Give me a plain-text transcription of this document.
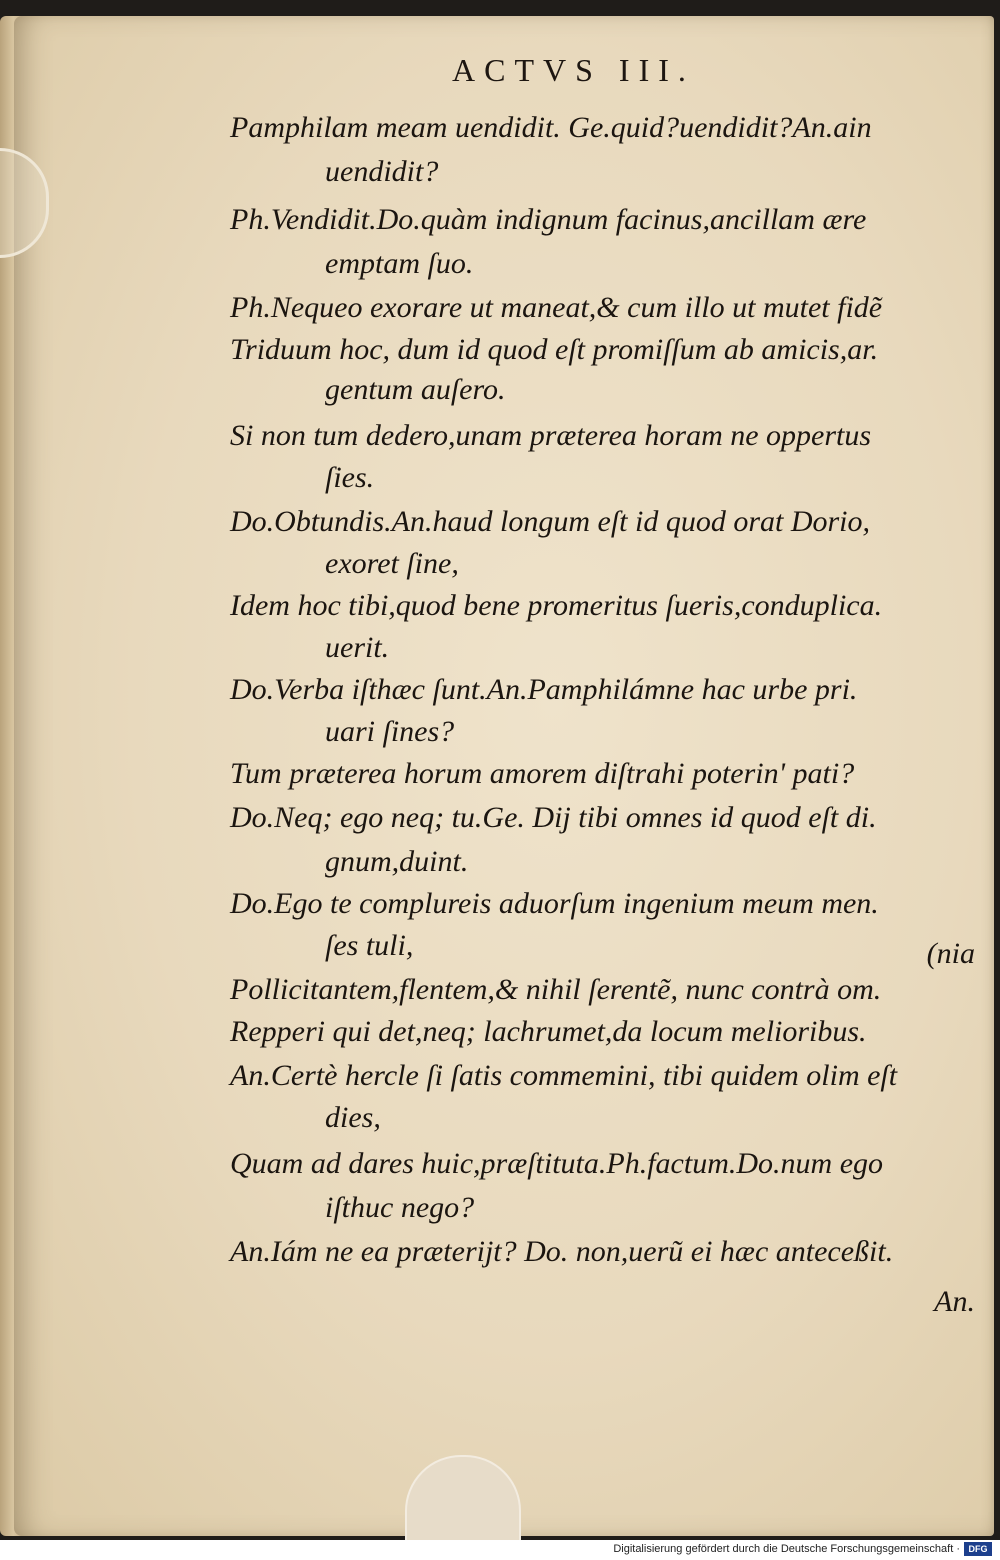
ACTVS III.
Pamphilam meam uendidit. Ge.quid?uendidit?An.ain
uendidit?
Ph.Vendidit.Do.quàm indignum facinus,ancillam ære
emptam ſuo.
Ph.Nequeo exorare ut maneat,& cum illo ut mutet fidẽ
Triduum hoc, dum id quod eſt promiſſum ab amicis,ar.
gentum auſero.
Si non tum dedero,unam præterea horam ne oppertus
ſies.
Do.Obtundis.An.haud longum eſt id quod orat Dorio,
exoret ſine,
Idem hoc tibi,quod bene promeritus ſueris,conduplica.
uerit.
Do.Verba iſthæc ſunt.An.Pamphilámne hac urbe pri.
uari ſines?
Tum præterea horum amorem diſtrahi poterin' pati?
Do.Neq; ego neq; tu.Ge. Dij tibi omnes id quod eſt di.
gnum,duint.
Do.Ego te complureis aduorſum ingenium meum men.
ſes tuli,	(nia
Pollicitantem,flentem,& nihil ſerentẽ, nunc contrà om.
Repperi qui det,neq; lachrumet,da locum melioribus.
An.Certè hercle ſi ſatis commemini, tibi quidem olim eſt
dies,
Quam ad dares huic,præſtituta.Ph.factum.Do.num ego
iſthuc nego?
An.Iám ne ea præterijt? Do. non,uerũ ei hæc anteceßit.
An.
Digitalisierung gefördert durch die Deutsche Forschungsgemeinschaft · DFG
